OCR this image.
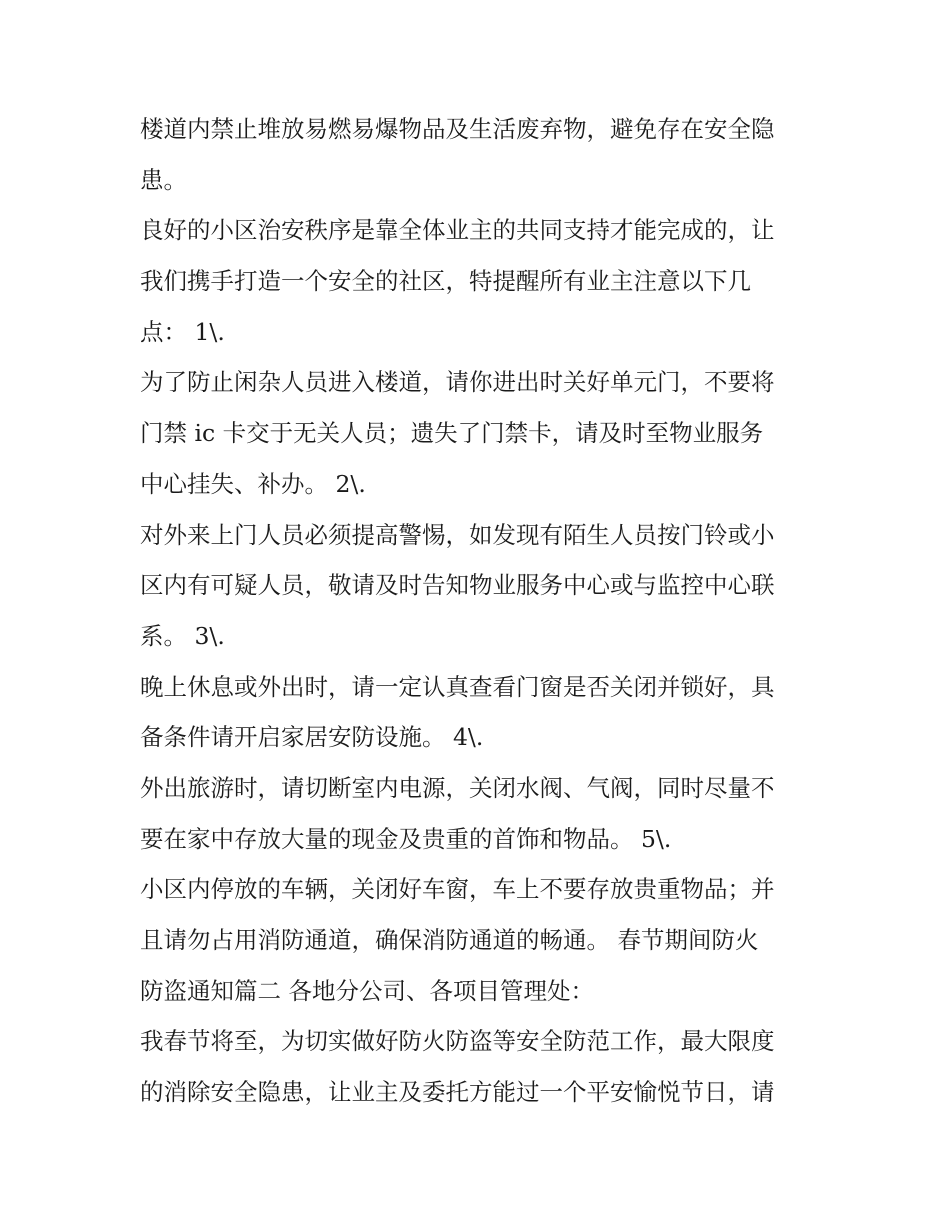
楼道内禁止堆放易燃易爆物品及生活废弃物，避免存在安全隐
患。
良好的小区治安秩序是靠全体业主的共同支持才能完成的，让
我们携手打造一个安全的社区，特提醒所有业主注意以下几
点： 1\.
为了防止闲杂人员进入楼道，请你进出时关好单元门，不要将
门禁 ic 卡交于无关人员；遗失了门禁卡，请及时至物业服务
中心挂失、补办。 2\.
对外来上门人员必须提高警惕，如发现有陌生人员按门铃或小
区内有可疑人员，敬请及时告知物业服务中心或与监控中心联
系。 3\.
晚上休息或外出时，请一定认真查看门窗是否关闭并锁好，具
备条件请开启家居安防设施。 4\.
外出旅游时，请切断室内电源，关闭水阀、气阀，同时尽量不
要在家中存放大量的现金及贵重的首饰和物品。 5\.
小区内停放的车辆，关闭好车窗，车上不要存放贵重物品；并
且请勿占用消防通道，确保消防通道的畅通。 春节期间防火
防盗通知篇二 各地分公司、各项目管理处：
我春节将至，为切实做好防火防盗等安全防范工作，最大限度
的消除安全隐患，让业主及委托方能过一个平安愉悦节日，请
